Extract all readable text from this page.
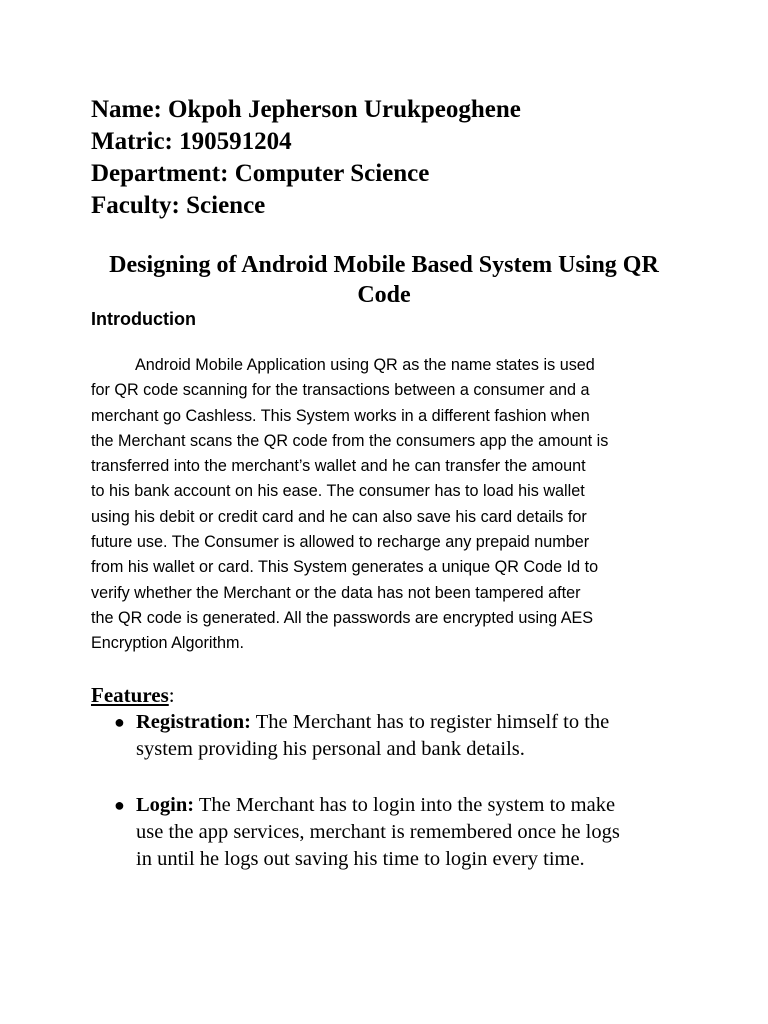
Name: Okpoh Jepherson Urukpeoghene
Matric: 190591204
Department: Computer Science
Faculty: Science
Designing of Android Mobile Based System Using QR
Code
Introduction
Android Mobile Application using QR as the name states is used
for QR code scanning for the transactions between a consumer and a
merchant go Cashless. This System works in a different fashion when
the Merchant scans the QR code from the consumers app the amount is
transferred into the merchant’s wallet and he can transfer the amount
to his bank account on his ease. The consumer has to load his wallet
using his debit or credit card and he can also save his card details for
future use. The Consumer is allowed to recharge any prepaid number
from his wallet or card. This System generates a unique QR Code Id to
verify whether the Merchant or the data has not been tampered after
the QR code is generated. All the passwords are encrypted using AES
Encryption Algorithm.
Features:
● Registration: The Merchant has to register himself to the
system providing his personal and bank details.
● Login: The Merchant has to login into the system to make
use the app services, merchant is remembered once he logs
in until he logs out saving his time to login every time.
